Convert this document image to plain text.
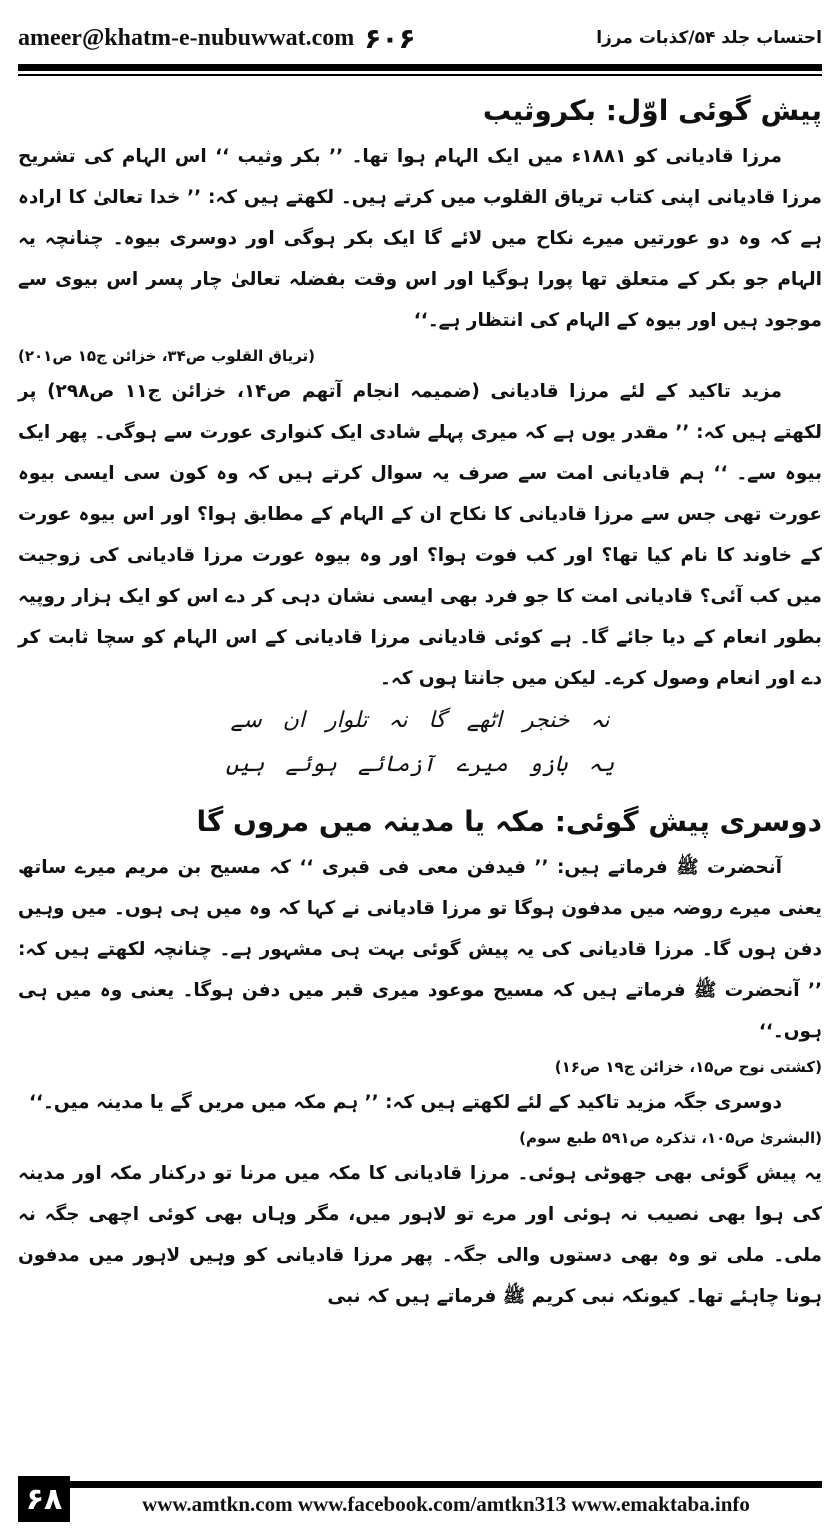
ameer@khatm-e-nubuwwat.com ۶۰۶	احتساب جلد ۵۴/کذبات مرزا
پیش گوئی اوّل: بکروثیب

مرزا قادیانی کو ۱۸۸۱ء میں ایک الہام ہوا تھا۔ ’’ بکر وثیب ‘‘ اس الہام کی تشریح مرزا قادیانی اپنی کتاب تریاق القلوب میں کرتے ہیں۔ لکھتے ہیں کہ: ’’ خدا تعالیٰ کا ارادہ ہے کہ وہ دو عورتیں میرے نکاح میں لائے گا ایک بکر ہوگی اور دوسری بیوہ۔ چنانچہ یہ الہام جو بکر کے متعلق تھا پورا ہوگیا اور اس وقت بفضلہ تعالیٰ چار پسر اس بیوی سے موجود ہیں اور بیوہ کے الہام کی انتظار ہے۔‘‘

(تریاق القلوب ص۳۴، خزائن ج۱۵ ص۲۰۱)

مزید تاکید کے لئے مرزا قادیانی (ضمیمہ انجام آتھم ص۱۴، خزائن ج۱۱ ص۲۹۸) پر لکھتے ہیں کہ: ’’ مقدر یوں ہے کہ میری پہلے شادی ایک کنواری عورت سے ہوگی۔ پھر ایک بیوہ سے۔ ‘‘ ہم قادیانی امت سے صرف یہ سوال کرتے ہیں کہ وہ کون سی ایسی بیوہ عورت تھی جس سے مرزا قادیانی کا نکاح ان کے الہام کے مطابق ہوا؟ اور اس بیوہ عورت کے خاوند کا نام کیا تھا؟ اور کب فوت ہوا؟ اور وہ بیوہ عورت مرزا قادیانی کی زوجیت میں کب آئی؟ قادیانی امت کا جو فرد بھی ایسی نشان دہی کر دے اس کو ایک ہزار روپیہ بطور انعام کے دیا جائے گا۔ ہے کوئی قادیانی مرزا قادیانی کے اس الہام کو سچا ثابت کر دے اور انعام وصول کرے۔ لیکن میں جانتا ہوں کہ۔

نہ خنجر اٹھے گا نہ تلوار ان سے

یہ بازو میرے آزمائے ہوئے ہیں

دوسری پیش گوئی: مکہ یا مدینہ میں مروں گا

آنحضرت ﷺ فرماتے ہیں: ’’ فیدفن معی فی قبری ‘‘ کہ مسیح بن مریم میرے ساتھ یعنی میرے روضہ میں مدفون ہوگا تو مرزا قادیانی نے کہا کہ وہ میں ہی ہوں۔ میں وہیں دفن ہوں گا۔ مرزا قادیانی کی یہ پیش گوئی بہت ہی مشہور ہے۔ چنانچہ لکھتے ہیں کہ: ’’ آنحضرت ﷺ فرماتے ہیں کہ مسیح موعود میری قبر میں دفن ہوگا۔ یعنی وہ میں ہی ہوں۔‘‘

(کشتی نوح ص۱۵، خزائن ج۱۹ ص۱۶)

دوسری جگہ مزید تاکید کے لئے لکھتے ہیں کہ: ’’ ہم مکہ میں مریں گے یا مدینہ میں۔‘‘

(البشریٰ ص۱۰۵، تذکرہ ص۵۹۱ طبع سوم)

یہ پیش گوئی بھی جھوٹی ہوئی۔ مرزا قادیانی کا مکہ میں مرنا تو درکنار مکہ اور مدینہ کی ہوا بھی نصیب نہ ہوئی اور مرے تو لاہور میں، مگر وہاں بھی کوئی اچھی جگہ نہ ملی۔ ملی تو وہ بھی دستوں والی جگہ۔ پھر مرزا قادیانی کو وہیں لاہور میں مدفون ہونا چاہئے تھا۔ کیونکہ نبی کریم ﷺ فرماتے ہیں کہ نبی

۶۸	www.amtkn.com www.facebook.com/amtkn313 www.emaktaba.info
